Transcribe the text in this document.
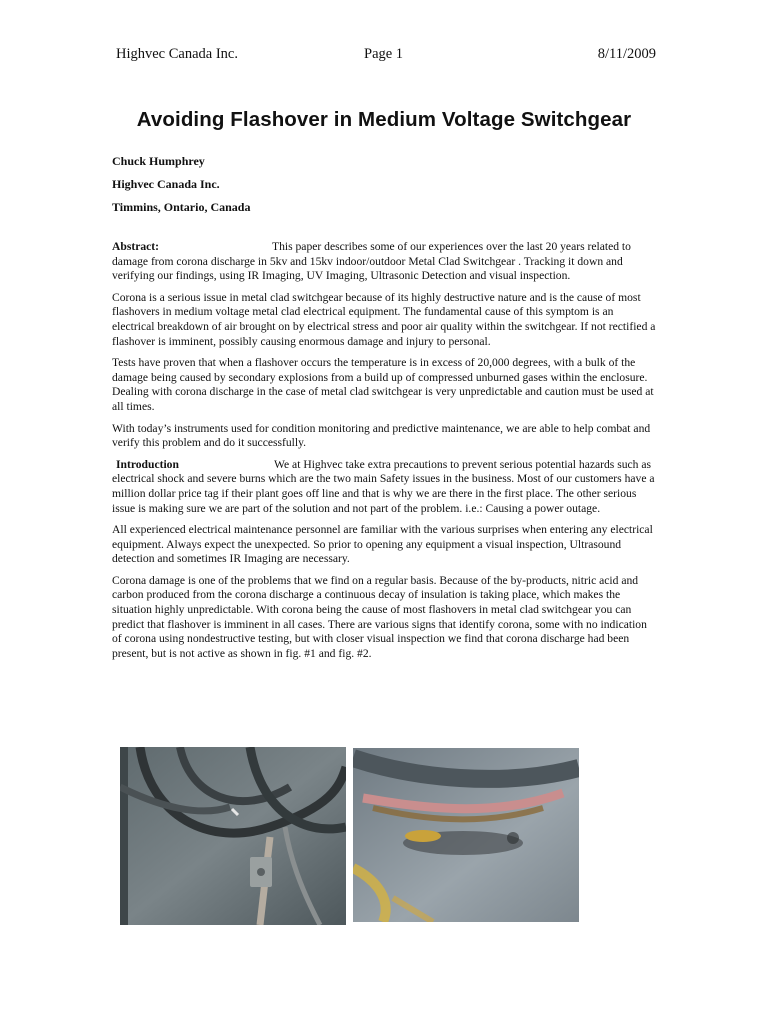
Highvec Canada Inc.	Page 1	8/11/2009
Avoiding Flashover in Medium Voltage Switchgear
Chuck Humphrey
Highvec Canada Inc.
Timmins, Ontario, Canada

Abstract:	This paper describes some of our experiences over the last 20 years related to damage from corona discharge in 5kv and 15kv indoor/outdoor Metal Clad Switchgear . Tracking it down and verifying our findings, using IR Imaging, UV Imaging, Ultrasonic Detection and visual inspection.

Corona is a serious issue in metal clad switchgear because of its highly destructive nature and is the cause of most flashovers in medium voltage metal clad electrical equipment. The fundamental cause of this symptom is an electrical breakdown of air brought on by electrical stress and poor air quality within the switchgear. If not rectified a flashover is imminent, possibly causing enormous damage and injury to personal.

Tests have proven that when a flashover occurs the temperature is in excess of 20,000 degrees, with a bulk of the damage being caused by secondary explosions from a build up of compressed unburned gases within the enclosure. Dealing with corona discharge in the case of metal clad switchgear is very unpredictable and caution must be used at all times.

With today’s instruments used for condition monitoring and predictive maintenance, we are able to help combat and verify this problem and do it successfully.

Introduction	We at Highvec take extra precautions to prevent serious potential hazards such as electrical shock and severe burns which are the two main Safety issues in the business. Most of our customers have a million dollar price tag if their plant goes off line and that is why we are there in the first place. The other serious issue is making sure we are part of the solution and not part of the problem. i.e.: Causing a power outage.

All experienced electrical maintenance personnel are familiar with the various surprises when entering any electrical equipment. Always expect the unexpected. So prior to opening any equipment a visual inspection, Ultrasound detection and sometimes IR Imaging are necessary.

Corona damage is one of the problems that we find on a regular basis. Because of the by-products, nitric acid and carbon produced from the corona discharge a continuous decay of insulation is taking place, which makes the situation highly unpredictable. With corona being the cause of most flashovers in metal clad switchgear you can predict that flashover is imminent in all cases. There are various signs that identify corona, some with no indication of corona using nondestructive testing, but with closer visual inspection we find that corona discharge had been present, but is not active as shown in fig. #1 and fig. #2.
